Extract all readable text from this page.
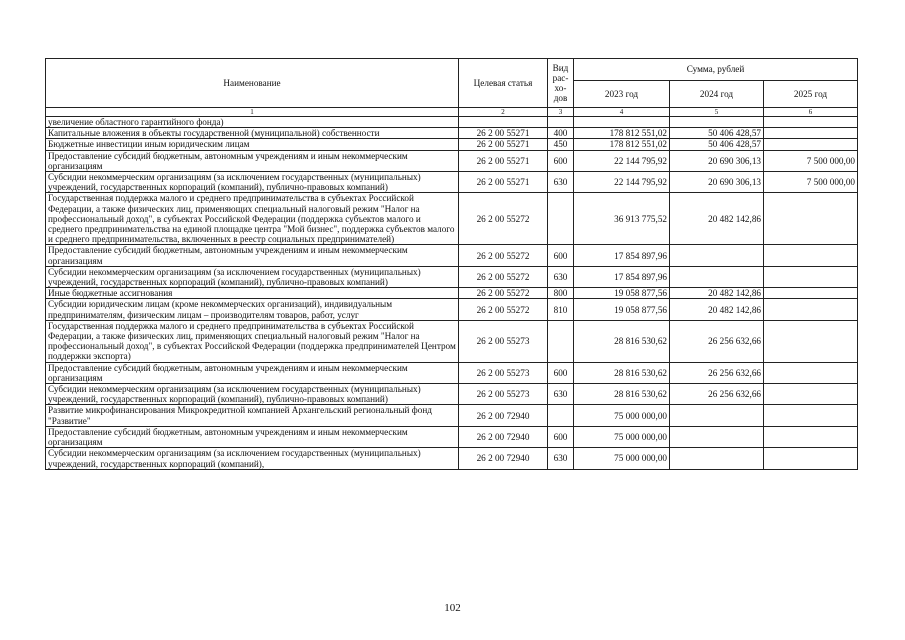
Наименование	Целевая статья	Вид рас-хо-дов	Сумма, рублей		
			2023 год	2024 год	2025 год
1	2	3	4	5	6
увеличение областного гарантийного фонда)					
Капитальные вложения в объекты государственной (муниципальной) собственности	26 2 00 55271	400	178 812 551,02	50 406 428,57	
Бюджетные инвестиции иным юридическим лицам	26 2 00 55271	450	178 812 551,02	50 406 428,57	
Предоставление субсидий бюджетным, автономным учреждениям и иным некоммерческим организациям	26 2 00 55271	600	22 144 795,92	20 690 306,13	7 500 000,00
Субсидии некоммерческим организациям (за исключением государственных (муниципальных) учреждений, государственных корпораций (компаний), публично-правовых компаний)	26 2 00 55271	630	22 144 795,92	20 690 306,13	7 500 000,00
Государственная поддержка малого и среднего предпринимательства в субъектах Российской Федерации, а также физических лиц, применяющих специальный налоговый режим "Налог на профессиональный доход", в субъектах Российской Федерации (поддержка субъектов малого и среднего предпринимательства на единой площадке центра "Мой бизнес", поддержка субъектов малого и среднего предпринимательства, включенных в реестр социальных предпринимателей)	26 2 00 55272		36 913 775,52	20 482 142,86	
Предоставление субсидий бюджетным, автономным учреждениям и иным некоммерческим организациям	26 2 00 55272	600	17 854 897,96		
Субсидии некоммерческим организациям (за исключением государственных (муниципальных) учреждений, государственных корпораций (компаний), публично-правовых компаний)	26 2 00 55272	630	17 854 897,96		
Иные бюджетные ассигнования	26 2 00 55272	800	19 058 877,56	20 482 142,86	
Субсидии юридическим лицам (кроме некоммерческих организаций), индивидуальным предпринимателям, физическим лицам – производителям товаров, работ, услуг	26 2 00 55272	810	19 058 877,56	20 482 142,86	
Государственная поддержка малого и среднего предпринимательства в субъектах Российской Федерации, а также физических лиц, применяющих специальный налоговый режим "Налог на профессиональный доход", в субъектах Российской Федерации (поддержка предпринимателей Центром поддержки экспорта)	26 2 00 55273		28 816 530,62	26 256 632,66	
Предоставление субсидий бюджетным, автономным учреждениям и иным некоммерческим организациям	26 2 00 55273	600	28 816 530,62	26 256 632,66	
Субсидии некоммерческим организациям (за исключением государственных (муниципальных) учреждений, государственных корпораций (компаний), публично-правовых компаний)	26 2 00 55273	630	28 816 530,62	26 256 632,66	
Развитие микрофинансирования Микрокредитной компанией Архангельский региональный фонд "Развитие"	26 2 00 72940		75 000 000,00		
Предоставление субсидий бюджетным, автономным учреждениям и иным некоммерческим организациям	26 2 00 72940	600	75 000 000,00		
Субсидии некоммерческим организациям (за исключением государственных (муниципальных) учреждений, государственных корпораций (компаний),	26 2 00 72940	630	75 000 000,00		
102
